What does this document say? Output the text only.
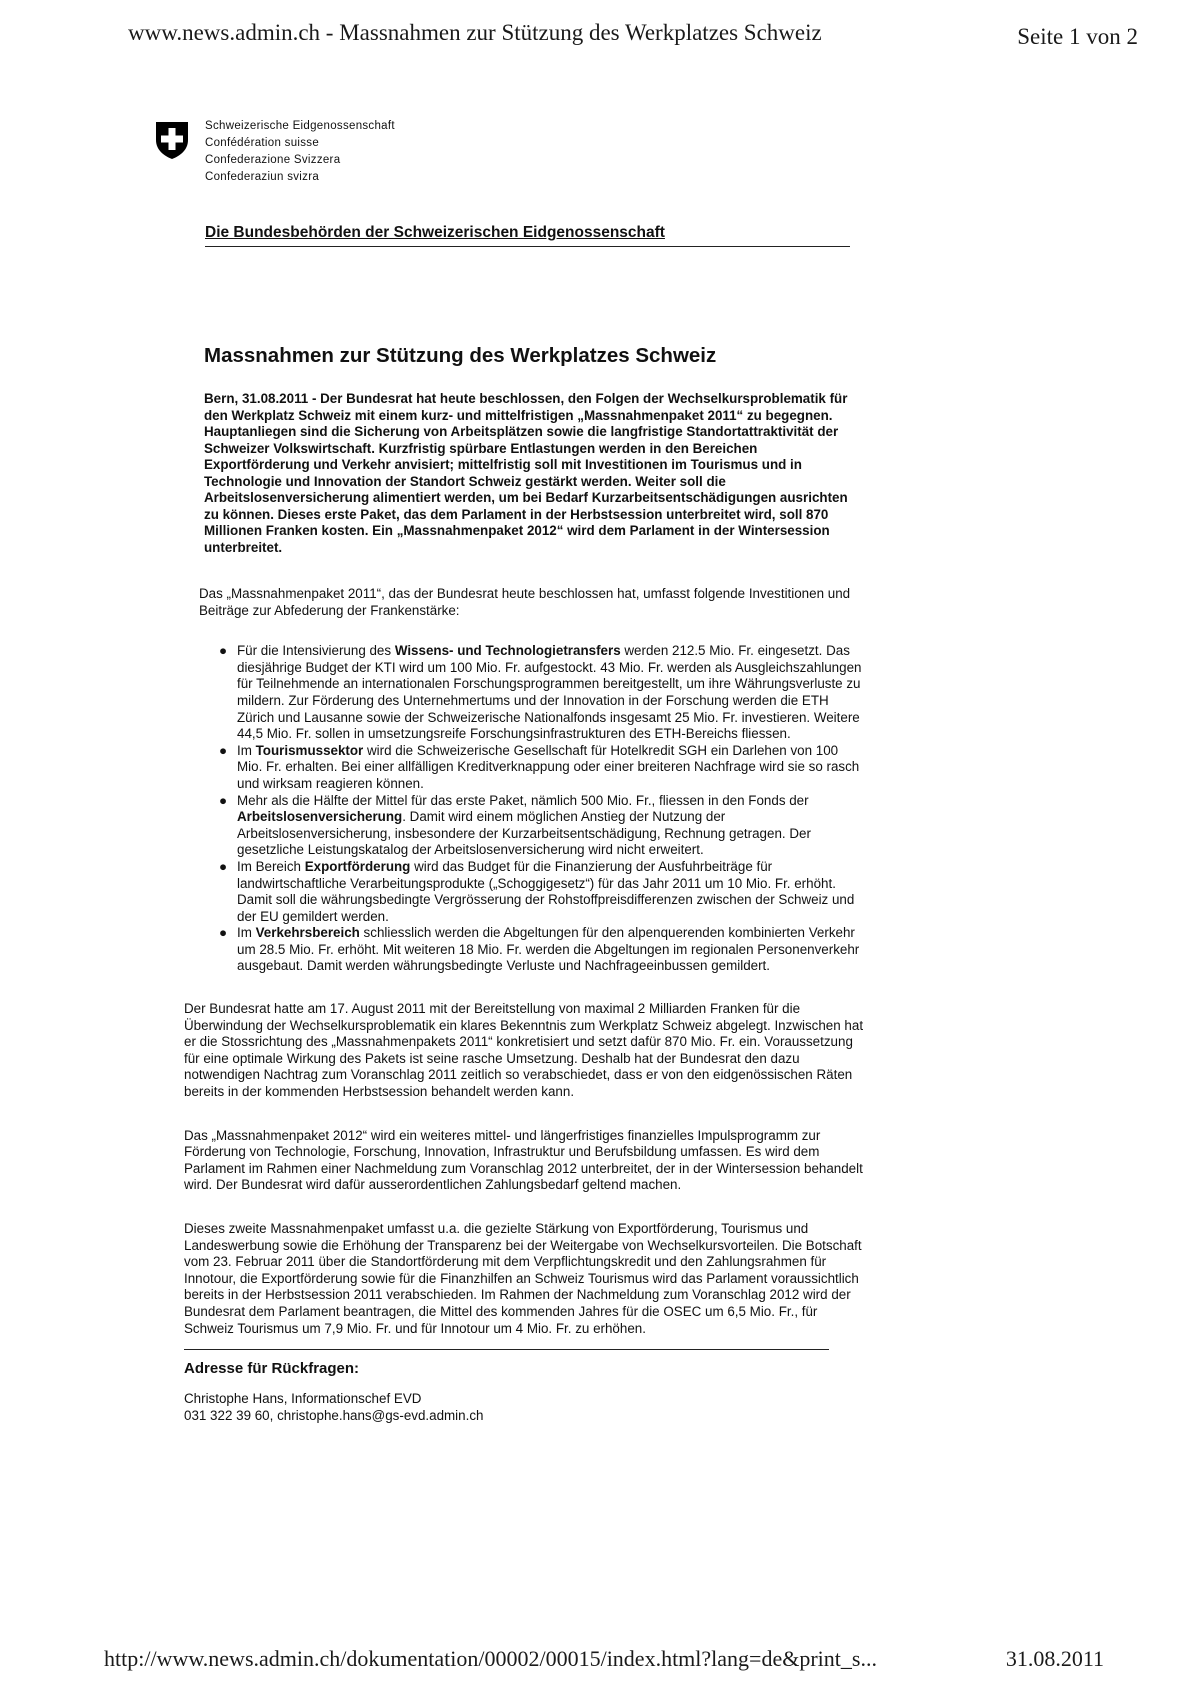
www.news.admin.ch - Massnahmen zur Stützung des Werkplatzes Schweiz	Seite 1 von 2
Schweizerische Eidgenossenschaft
Confédération suisse
Confederazione Svizzera
Confederaziun svizra
Die Bundesbehörden der Schweizerischen Eidgenossenschaft
Massnahmen zur Stützung des Werkplatzes Schweiz

Bern, 31.08.2011 - Der Bundesrat hat heute beschlossen, den Folgen der Wechselkursproblematik für den Werkplatz Schweiz mit einem kurz- und mittelfristigen „Massnahmenpaket 2011“ zu begegnen. Hauptanliegen sind die Sicherung von Arbeitsplätzen sowie die langfristige Standortattraktivität der Schweizer Volkswirtschaft. Kurzfristig spürbare Entlastungen werden in den Bereichen Exportförderung und Verkehr anvisiert; mittelfristig soll mit Investitionen im Tourismus und in Technologie und Innovation der Standort Schweiz gestärkt werden. Weiter soll die Arbeitslosenversicherung alimentiert werden, um bei Bedarf Kurzarbeitsentschädigungen ausrichten zu können. Dieses erste Paket, das dem Parlament in der Herbstsession unterbreitet wird, soll 870 Millionen Franken kosten. Ein „Massnahmenpaket 2012“ wird dem Parlament in der Wintersession unterbreitet.

Das „Massnahmenpaket 2011“, das der Bundesrat heute beschlossen hat, umfasst folgende Investitionen und Beiträge zur Abfederung der Frankenstärke:

● Für die Intensivierung des Wissens- und Technologietransfers werden 212.5 Mio. Fr. eingesetzt. Das diesjährige Budget der KTI wird um 100 Mio. Fr. aufgestockt. 43 Mio. Fr. werden als Ausgleichszahlungen für Teilnehmende an internationalen Forschungsprogrammen bereitgestellt, um ihre Währungsverluste zu mildern. Zur Förderung des Unternehmertums und der Innovation in der Forschung werden die ETH Zürich und Lausanne sowie der Schweizerische Nationalfonds insgesamt 25 Mio. Fr. investieren. Weitere 44,5 Mio. Fr. sollen in umsetzungsreife Forschungsinfrastrukturen des ETH-Bereichs fliessen.
● Im Tourismussektor wird die Schweizerische Gesellschaft für Hotelkredit SGH ein Darlehen von 100 Mio. Fr. erhalten. Bei einer allfälligen Kreditverknappung oder einer breiteren Nachfrage wird sie so rasch und wirksam reagieren können.
● Mehr als die Hälfte der Mittel für das erste Paket, nämlich 500 Mio. Fr., fliessen in den Fonds der Arbeitslosenversicherung. Damit wird einem möglichen Anstieg der Nutzung der Arbeitslosenversicherung, insbesondere der Kurzarbeitsentschädigung, Rechnung getragen. Der gesetzliche Leistungskatalog der Arbeitslosenversicherung wird nicht erweitert.
● Im Bereich Exportförderung wird das Budget für die Finanzierung der Ausfuhrbeiträge für landwirtschaftliche Verarbeitungsprodukte („Schoggigesetz“) für das Jahr 2011 um 10 Mio. Fr. erhöht. Damit soll die währungsbedingte Vergrösserung der Rohstoffpreisdifferenzen zwischen der Schweiz und der EU gemildert werden.
● Im Verkehrsbereich schliesslich werden die Abgeltungen für den alpenquerenden kombinierten Verkehr um 28.5 Mio. Fr. erhöht. Mit weiteren 18 Mio. Fr. werden die Abgeltungen im regionalen Personenverkehr ausgebaut. Damit werden währungsbedingte Verluste und Nachfrageeinbussen gemildert.

Der Bundesrat hatte am 17. August 2011 mit der Bereitstellung von maximal 2 Milliarden Franken für die Überwindung der Wechselkursproblematik ein klares Bekenntnis zum Werkplatz Schweiz abgelegt. Inzwischen hat er die Stossrichtung des „Massnahmenpakets 2011“ konkretisiert und setzt dafür 870 Mio. Fr. ein. Voraussetzung für eine optimale Wirkung des Pakets ist seine rasche Umsetzung. Deshalb hat der Bundesrat den dazu notwendigen Nachtrag zum Voranschlag 2011 zeitlich so verabschiedet, dass er von den eidgenössischen Räten bereits in der kommenden Herbstsession behandelt werden kann.

Das „Massnahmenpaket 2012“ wird ein weiteres mittel- und längerfristiges finanzielles Impulsprogramm zur Förderung von Technologie, Forschung, Innovation, Infrastruktur und Berufsbildung umfassen. Es wird dem Parlament im Rahmen einer Nachmeldung zum Voranschlag 2012 unterbreitet, der in der Wintersession behandelt wird. Der Bundesrat wird dafür ausserordentlichen Zahlungsbedarf geltend machen.

Dieses zweite Massnahmenpaket umfasst u.a. die gezielte Stärkung von Exportförderung, Tourismus und Landeswerbung sowie die Erhöhung der Transparenz bei der Weitergabe von Wechselkursvorteilen. Die Botschaft vom 23. Februar 2011 über die Standortförderung mit dem Verpflichtungskredit und den Zahlungsrahmen für Innotour, die Exportförderung sowie für die Finanzhilfen an Schweiz Tourismus wird das Parlament voraussichtlich bereits in der Herbstsession 2011 verabschieden. Im Rahmen der Nachmeldung zum Voranschlag 2012 wird der Bundesrat dem Parlament beantragen, die Mittel des kommenden Jahres für die OSEC um 6,5 Mio. Fr., für Schweiz Tourismus um 7,9 Mio. Fr. und für Innotour um 4 Mio. Fr. zu erhöhen.

Adresse für Rückfragen:
Christophe Hans, Informationschef EVD
031 322 39 60, christophe.hans@gs-evd.admin.ch
http://www.news.admin.ch/dokumentation/00002/00015/index.html?lang=de&print_s...	31.08.2011
